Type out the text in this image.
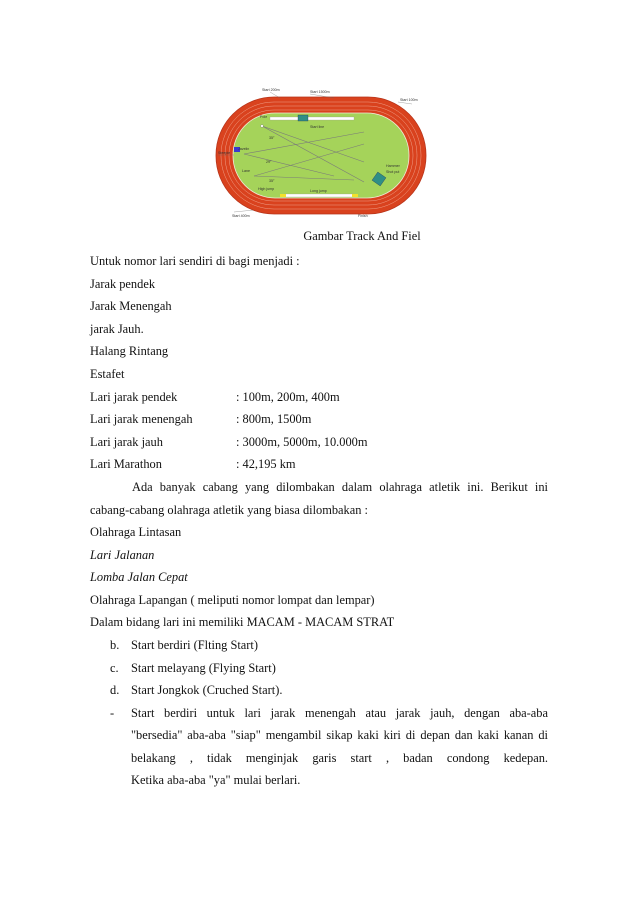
Pole
Start line
35°
Javelin
29°
Lane
35°
High jump	Long jump
Hammer
Shot put
Steeple
Start 200m	Start 1500m
Start 100m
Start 400m	Finish
Gambar Track And Fiel
Untuk nomor lari sendiri di bagi menjadi :
Jarak pendek
Jarak Menengah
jarak Jauh.
Halang Rintang
Estafet
Lari jarak pendek	: 100m, 200m, 400m
Lari jarak menengah	: 800m, 1500m
Lari jarak jauh	: 3000m, 5000m, 10.000m
Lari Marathon	: 42,195 km
Ada banyak cabang yang dilombakan dalam olahraga atletik ini. Berikut ini
cabang-cabang olahraga atletik yang biasa dilombakan :
Olahraga Lintasan
Lari Jalanan
Lomba Jalan Cepat
Olahraga Lapangan ( meliputi nomor lompat dan lempar)
Dalam bidang lari ini memiliki MACAM - MACAM STRAT
b. Start berdiri (Flting Start)
c. Start melayang (Flying Start)
d. Start Jongkok (Cruched Start).
- Start berdiri untuk lari jarak menengah atau jarak jauh, dengan aba-aba
"bersedia" aba-aba "siap" mengambil sikap kaki kiri di depan dan kaki kanan di
belakang , tidak menginjak garis start , badan condong kedepan.
Ketika aba-aba "ya" mulai berlari.
